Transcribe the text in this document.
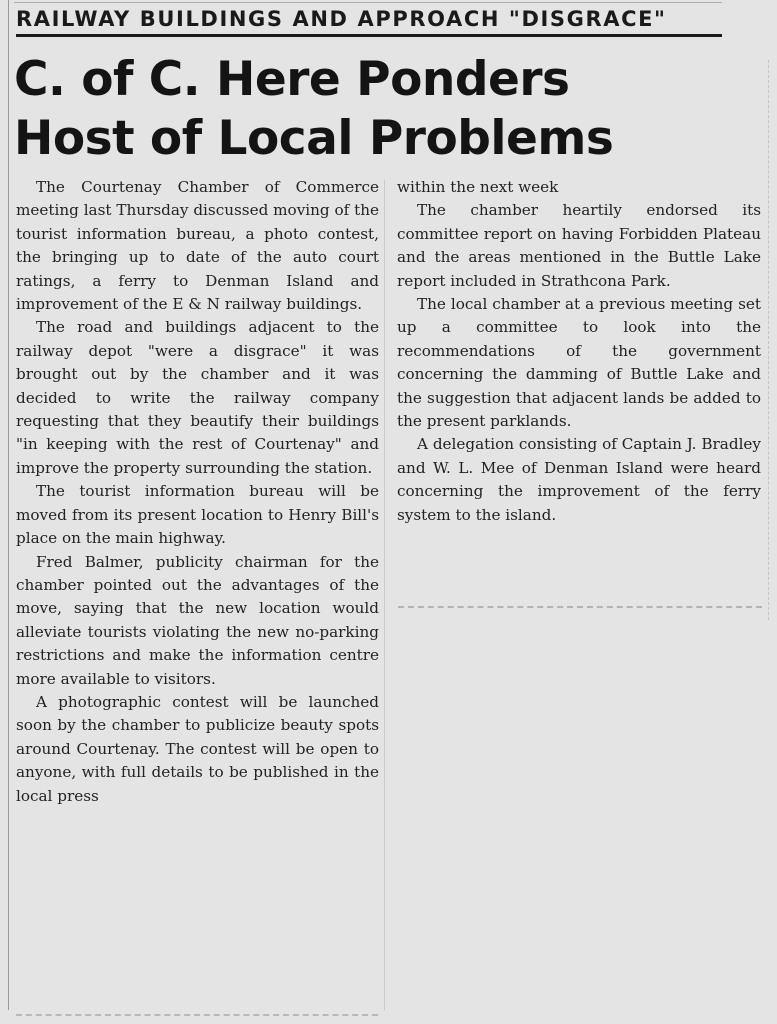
RAILWAY BUILDINGS AND APPROACH "DISGRACE"
C. of C. Here Ponders
Host of Local Problems

The Courtenay Chamber of Commerce meeting last Thursday discussed moving of the tourist information bureau, a photo contest, the bringing up to date of the auto court ratings, a ferry to Denman Island and improvement of the E & N railway buildings.

The road and buildings adjacent to the railway depot "were a disgrace" it was brought out by the chamber and it was decided to write the railway company requesting that they beautify their buildings "in keeping with the rest of Courtenay" and improve the property surrounding the station.

The tourist information bureau will be moved from its present location to Henry Bill's place on the main highway.

Fred Balmer, publicity chairman for the chamber pointed out the advantages of the move, saying that the new location would alleviate tourists violating the new no-parking restrictions and make the information centre more available to visitors.

A photographic contest will be launched soon by the chamber to publicize beauty spots around Courtenay. The contest will be open to anyone, with full details to be published in the local press

within the next week

The chamber heartily endorsed its committee report on having Forbidden Plateau and the areas mentioned in the Buttle Lake report included in Strathcona Park.

The local chamber at a previous meeting set up a committee to look into the recommendations of the government concerning the damming of Buttle Lake and the suggestion that adjacent lands be added to the present parklands.

A delegation consisting of Captain J. Bradley and W. L. Mee of Denman Island were heard concerning the improvement of the ferry system to the island.
